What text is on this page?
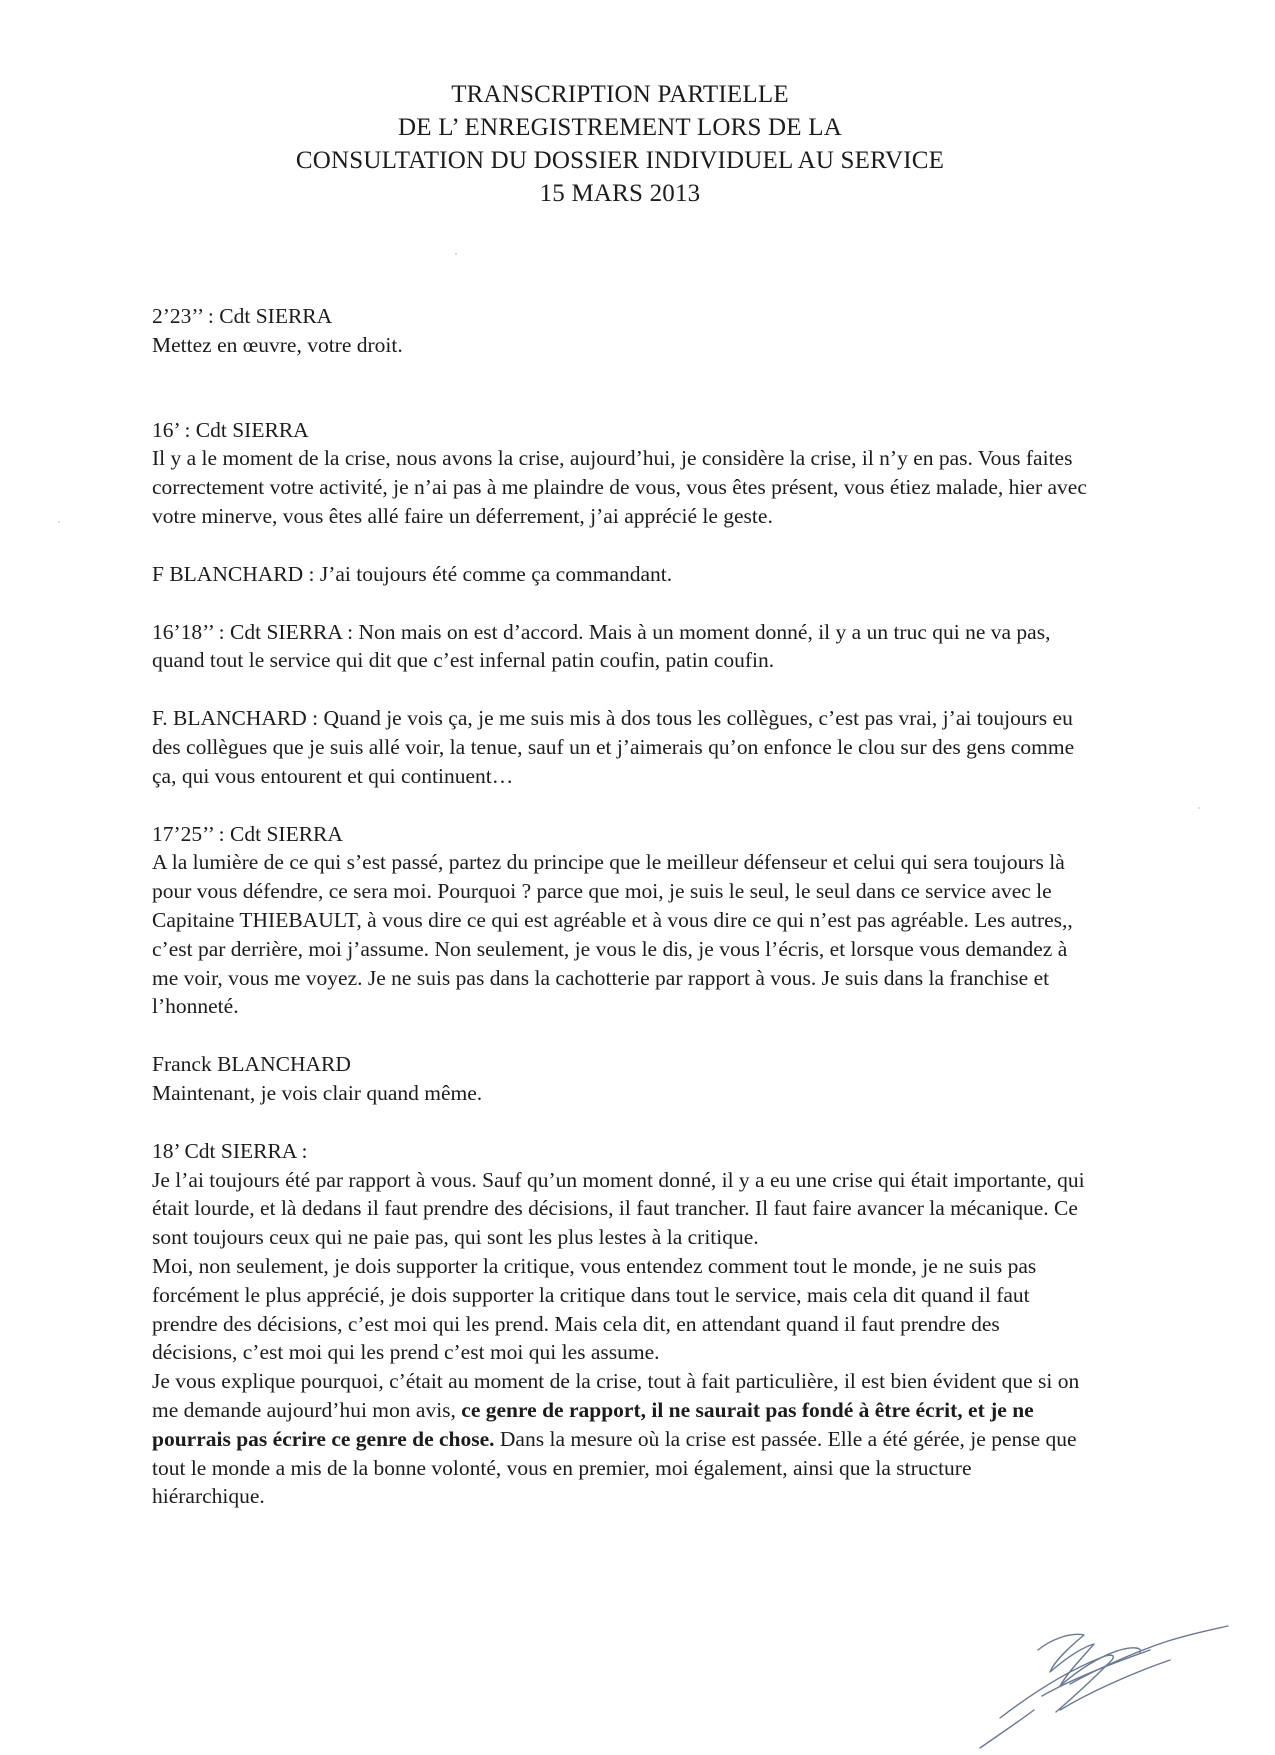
TRANSCRIPTION PARTIELLE
DE L’ ENREGISTREMENT LORS DE LA
CONSULTATION DU DOSSIER INDIVIDUEL AU SERVICE
15 MARS 2013

2’23’’ : Cdt SIERRA

Mettez en œuvre, votre droit.

16’ : Cdt SIERRA

Il y a le moment de la crise, nous avons la crise, aujourd’hui, je considère la crise, il n’y en pas. Vous faites correctement votre activité, je n’ai pas à me plaindre de vous, vous êtes présent, vous étiez malade, hier avec votre minerve, vous êtes allé faire un déferrement, j’ai apprécié le geste.

F BLANCHARD : J’ai toujours été comme ça commandant.

16’18’’ : Cdt SIERRA : Non mais on est d’accord. Mais à un moment donné, il y a un truc qui ne va pas, quand tout le service qui dit que c’est infernal patin coufin, patin coufin.

F. BLANCHARD : Quand je vois ça, je me suis mis à dos tous les collègues, c’est pas vrai, j’ai toujours eu des collègues que je suis allé voir, la tenue, sauf un et j’aimerais qu’on enfonce le clou sur des gens comme ça, qui vous entourent et qui continuent…

17’25’’ : Cdt SIERRA

A la lumière de ce qui s’est passé, partez du principe que le meilleur défenseur et celui qui sera toujours là pour vous défendre, ce sera moi. Pourquoi ? parce que moi, je suis le seul, le seul dans ce service avec le Capitaine THIEBAULT, à vous dire ce qui est agréable et à vous dire ce qui n’est pas agréable. Les autres,, c’est par derrière, moi j’assume. Non seulement, je vous le dis, je vous l’écris, et lorsque vous demandez à me voir, vous me voyez. Je ne suis pas dans la cachotterie par rapport à vous. Je suis dans la franchise et l’honneté.

Franck BLANCHARD

Maintenant, je vois clair quand même.

18’ Cdt SIERRA :

Je l’ai toujours été par rapport à vous. Sauf qu’un moment donné, il y a eu une crise qui était importante, qui était lourde, et là dedans il faut prendre des décisions, il faut trancher. Il faut faire avancer la mécanique. Ce sont toujours ceux qui ne paie pas, qui sont les plus lestes à la critique.

Moi, non seulement, je dois supporter la critique, vous entendez comment tout le monde, je ne suis pas forcément le plus apprécié, je dois supporter la critique dans tout le service, mais cela dit quand il faut prendre des décisions, c’est moi qui les prend. Mais cela dit, en attendant quand il faut prendre des décisions, c’est moi qui les prend c’est moi qui les assume.

Je vous explique pourquoi, c’était au moment de la crise, tout à fait particulière, il est bien évident que si on me demande aujourd’hui mon avis, ce genre de rapport, il ne saurait pas fondé à être écrit, et je ne pourrais pas écrire ce genre de chose. Dans la mesure où la crise est passée. Elle a été gérée, je pense que tout le monde a mis de la bonne volonté, vous en premier, moi également, ainsi que la structure hiérarchique.
